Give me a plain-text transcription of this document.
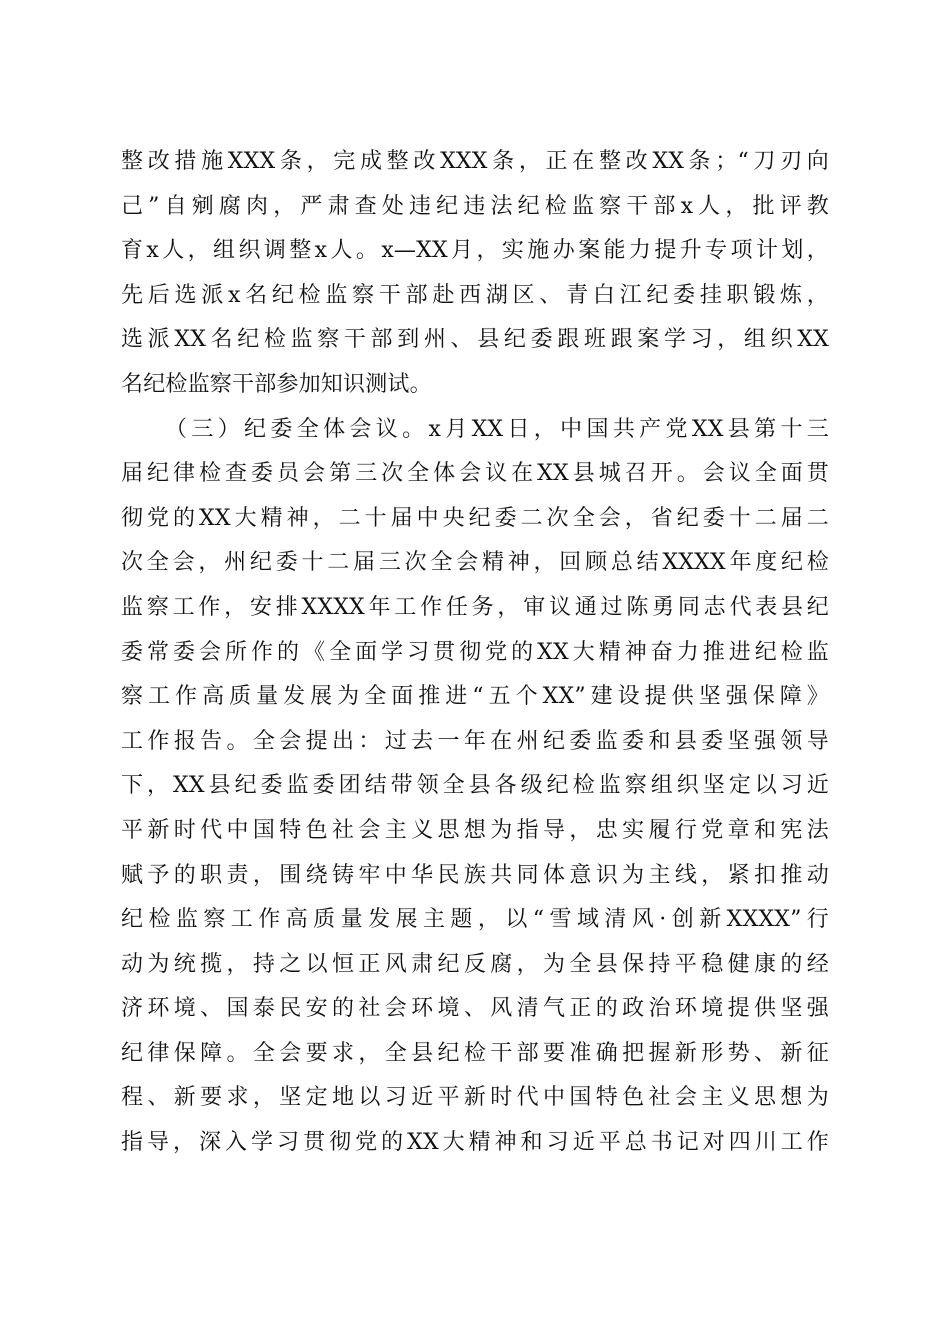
整改措施XXX条，完成整改XXX条，正在整改XX条；“刀刃向
己”自剜腐肉，严肃查处违纪违法纪检监察干部x人，批评教
育x人，组织调整x人。x—XX月，实施办案能力提升专项计划，
先后选派x名纪检监察干部赴西湖区、青白江纪委挂职锻炼，
选派XX名纪检监察干部到州、县纪委跟班跟案学习，组织XX
名纪检监察干部参加知识测试。
（三）纪委全体会议。x月XX日，中国共产党XX县第十三
届纪律检查委员会第三次全体会议在XX县城召开。会议全面贯
彻党的XX大精神，二十届中央纪委二次全会，省纪委十二届二
次全会，州纪委十二届三次全会精神，回顾总结XXXX年度纪检
监察工作，安排XXXX年工作任务，审议通过陈勇同志代表县纪
委常委会所作的《全面学习贯彻党的XX大精神奋力推进纪检监
察工作高质量发展为全面推进“五个XX”建设提供坚强保障》
工作报告。全会提出：过去一年在州纪委监委和县委坚强领导
下，XX县纪委监委团结带领全县各级纪检监察组织坚定以习近
平新时代中国特色社会主义思想为指导，忠实履行党章和宪法
赋予的职责，围绕铸牢中华民族共同体意识为主线，紧扣推动
纪检监察工作高质量发展主题，以“雪域清风·创新XXXX”行
动为统揽，持之以恒正风肃纪反腐，为全县保持平稳健康的经
济环境、国泰民安的社会环境、风清气正的政治环境提供坚强
纪律保障。全会要求，全县纪检干部要准确把握新形势、新征
程、新要求，坚定地以习近平新时代中国特色社会主义思想为
指导，深入学习贯彻党的XX大精神和习近平总书记对四川工作
